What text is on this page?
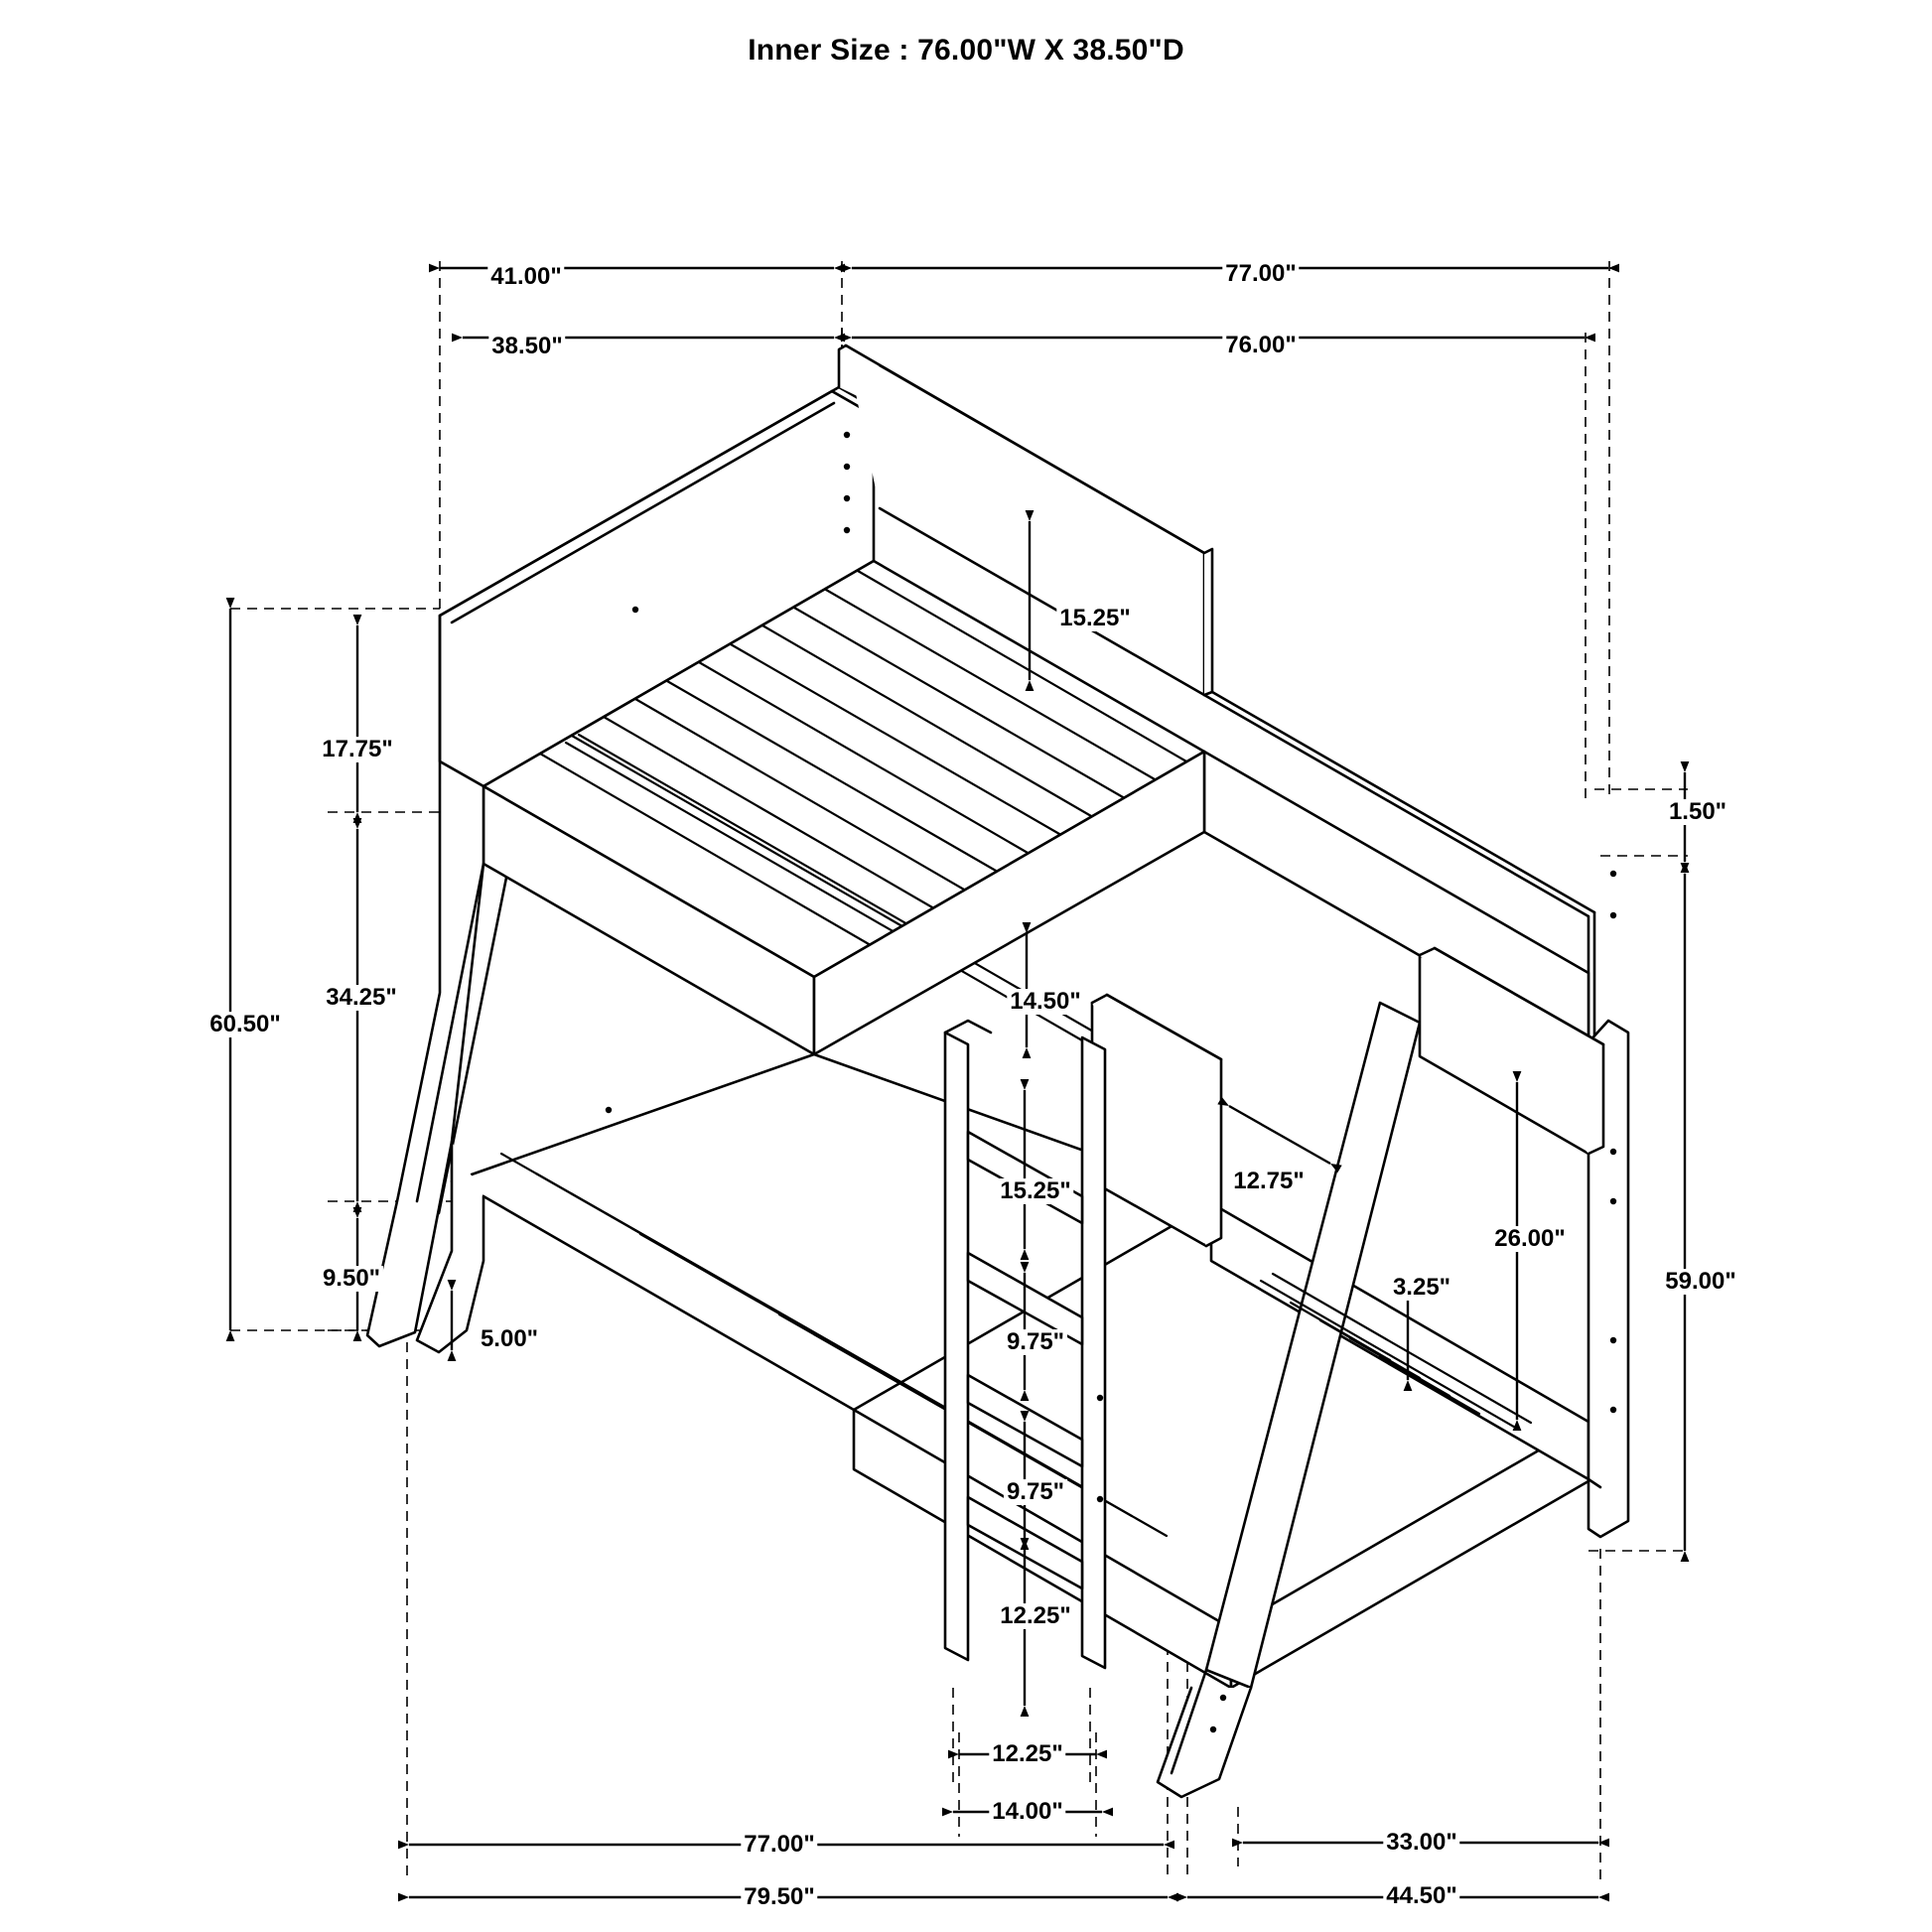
Inner Size : 76.00"W X 38.50"D
41.00"	77.00"
38.50"	76.00"
15.25"
17.75"
60.50"
34.25"
9.50"
5.00"
1.50"
59.00"
14.50"
15.25"
9.75"
9.75"
12.25"
12.25"
14.00"
12.75"
3.25"
26.00"
77.00"	33.00"
79.50"	44.50"
